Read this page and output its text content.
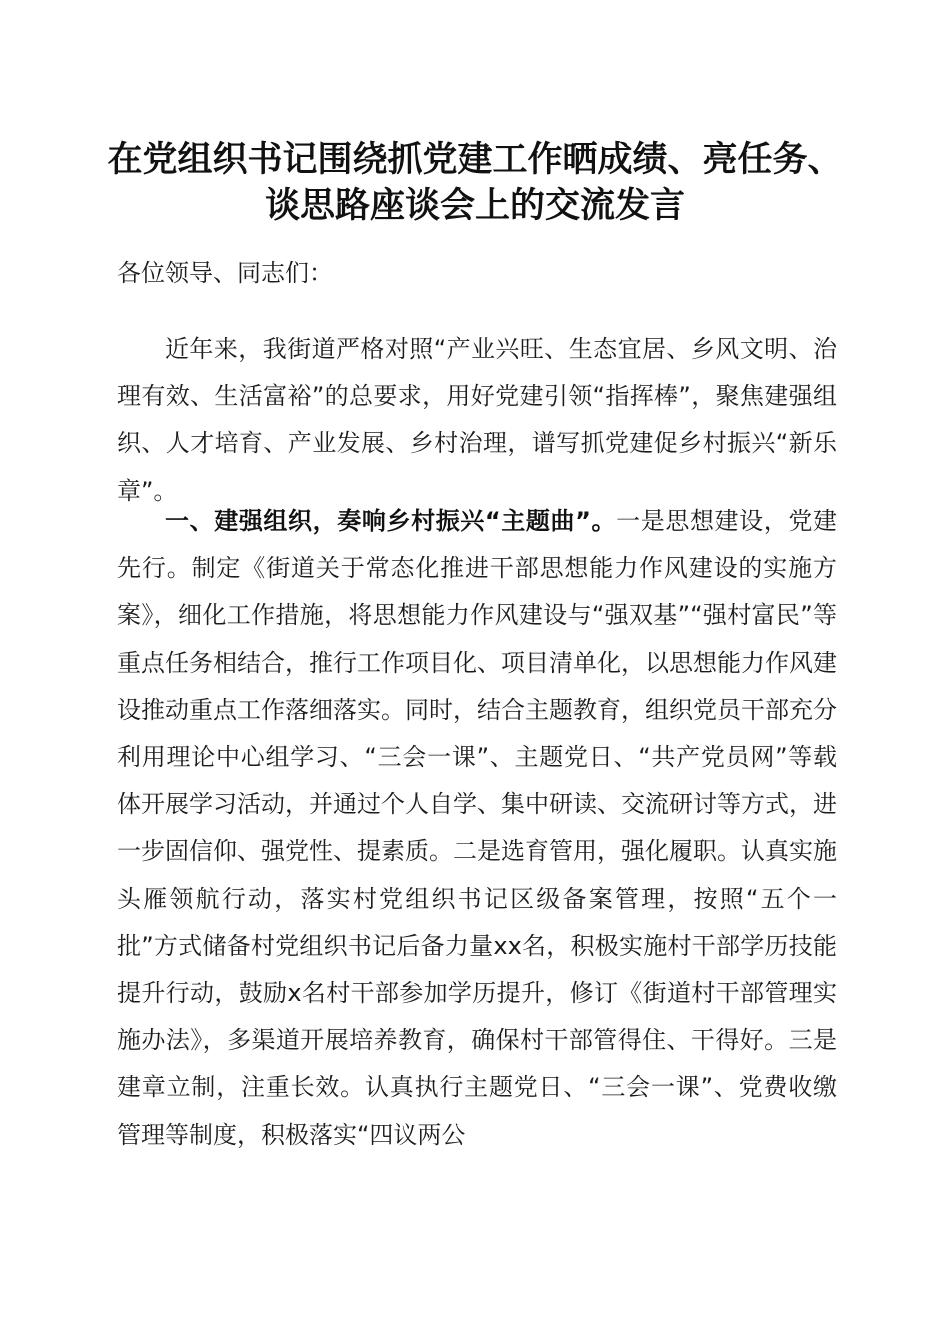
在党组织书记围绕抓党建工作晒成绩、亮任务、
谈思路座谈会上的交流发言
各位领导、同志们：

近年来，我街道严格对照“产业兴旺、生态宜居、乡风文明、治理有效、生活富裕”的总要求，用好党建引领“指挥棒”，聚焦建强组织、人才培育、产业发展、乡村治理，谱写抓党建促乡村振兴“新乐章”。

一、建强组织，奏响乡村振兴“主题曲”。一是思想建设，党建先行。制定《街道关于常态化推进干部思想能力作风建设的实施方案》，细化工作措施，将思想能力作风建设与“强双基”“强村富民”等重点任务相结合，推行工作项目化、项目清单化，以思想能力作风建设推动重点工作落细落实。同时，结合主题教育，组织党员干部充分利用理论中心组学习、“三会一课”、主题党日、“共产党员网”等载体开展学习活动，并通过个人自学、集中研读、交流研讨等方式，进一步固信仰、强党性、提素质。二是选育管用，强化履职。认真实施头雁领航行动，落实村党组织书记区级备案管理，按照“五个一批”方式储备村党组织书记后备力量xx名，积极实施村干部学历技能提升行动，鼓励x名村干部参加学历提升，修订《街道村干部管理实施办法》，多渠道开展培养教育，确保村干部管得住、干得好。三是建章立制，注重长效。认真执行主题党日、“三会一课”、党费收缴管理等制度，积极落实“四议两公
